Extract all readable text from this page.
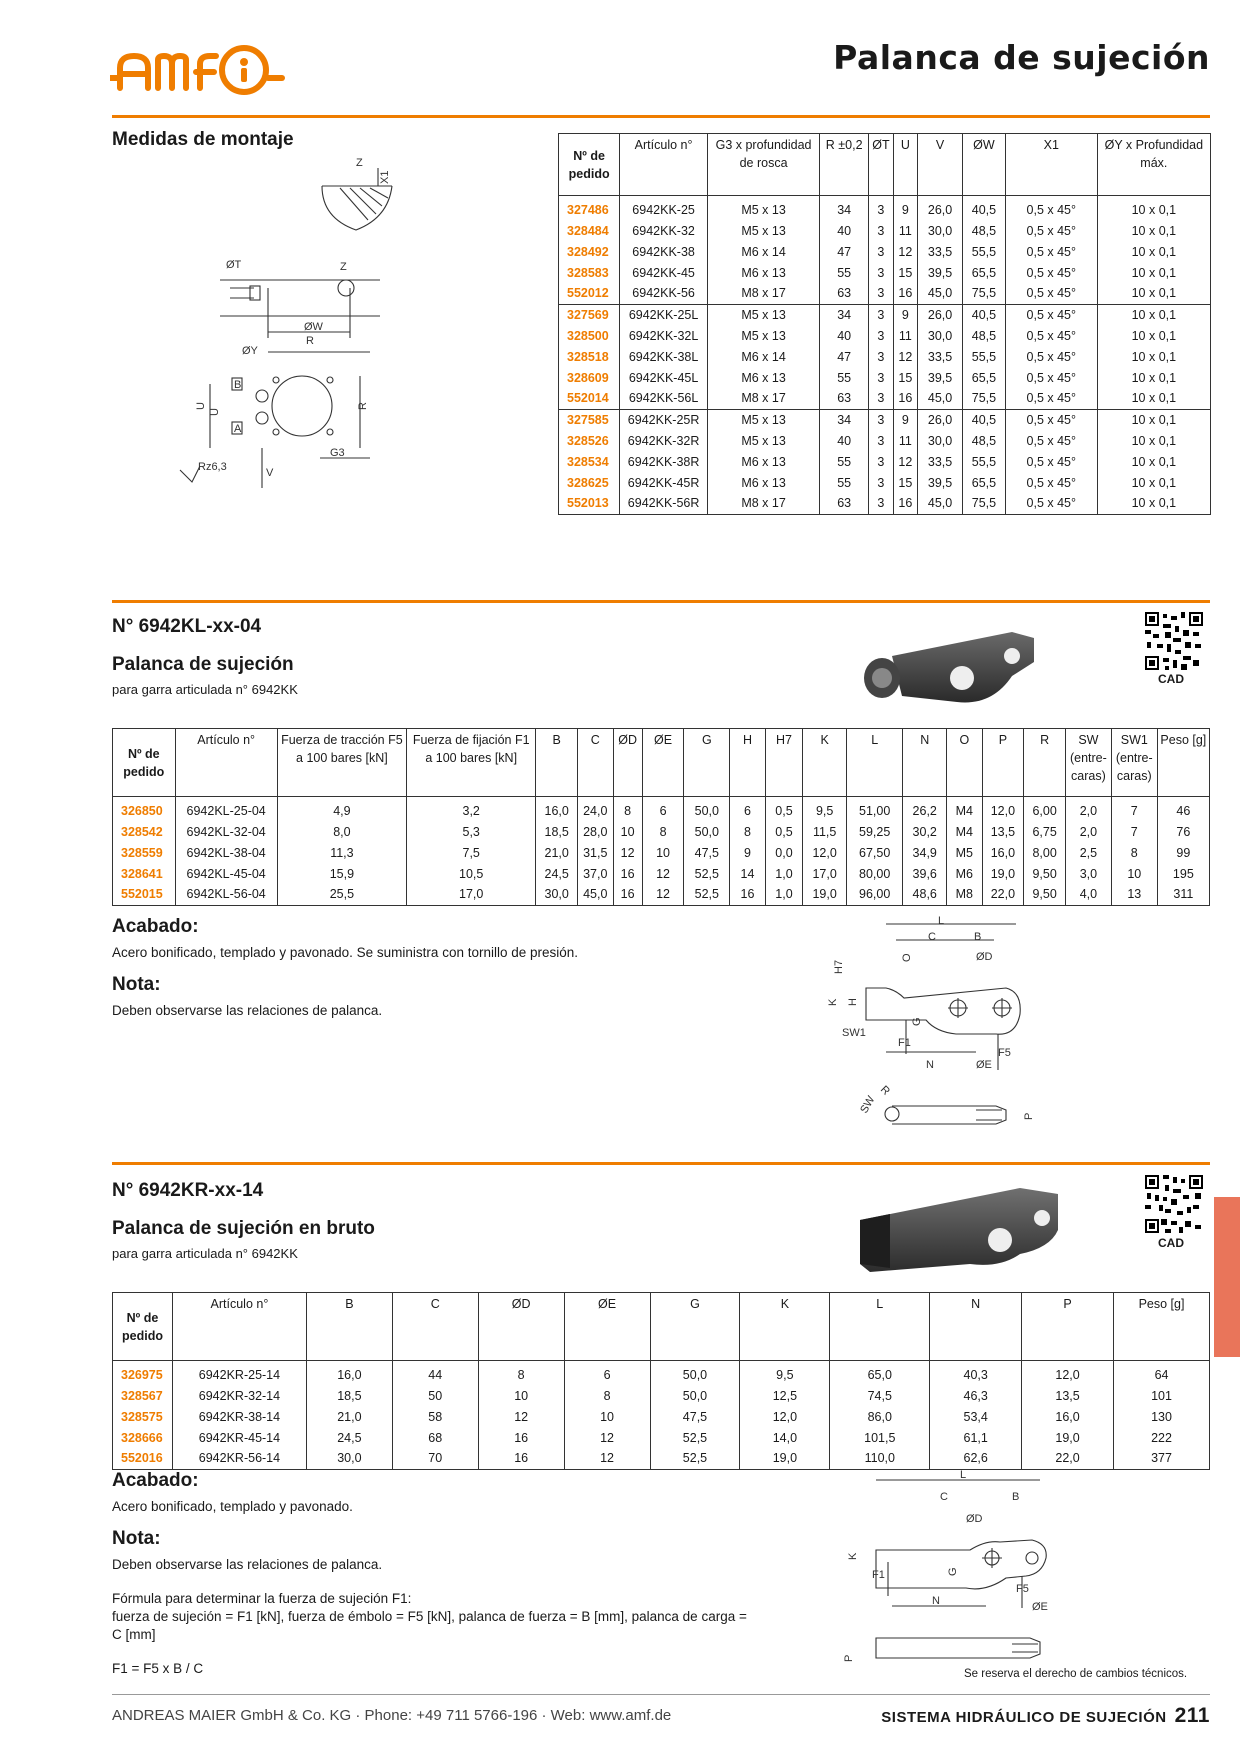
Palanca de sujeción
Medidas de montaje
Z
X1
ØT	Z
ØW
ØY
R
B
A
U
U
R
Rz6,3	V
G3
Nº de pedido	Artículo n°	G3 x profundidad de rosca	R ±0,2	ØT	U	V	ØW	X1	ØY x Profundidad máx.
327486	6942KK-25	M5 x 13	34	3	9	26,0	40,5	0,5 x 45°	10 x 0,1
328484	6942KK-32	M5 x 13	40	3	11	30,0	48,5	0,5 x 45°	10 x 0,1
328492	6942KK-38	M6 x 14	47	3	12	33,5	55,5	0,5 x 45°	10 x 0,1
328583	6942KK-45	M6 x 13	55	3	15	39,5	65,5	0,5 x 45°	10 x 0,1
552012	6942KK-56	M8 x 17	63	3	16	45,0	75,5	0,5 x 45°	10 x 0,1
327569	6942KK-25L	M5 x 13	34	3	9	26,0	40,5	0,5 x 45°	10 x 0,1
328500	6942KK-32L	M5 x 13	40	3	11	30,0	48,5	0,5 x 45°	10 x 0,1
328518	6942KK-38L	M6 x 14	47	3	12	33,5	55,5	0,5 x 45°	10 x 0,1
328609	6942KK-45L	M6 x 13	55	3	15	39,5	65,5	0,5 x 45°	10 x 0,1
552014	6942KK-56L	M8 x 17	63	3	16	45,0	75,5	0,5 x 45°	10 x 0,1
327585	6942KK-25R	M5 x 13	34	3	9	26,0	40,5	0,5 x 45°	10 x 0,1
328526	6942KK-32R	M5 x 13	40	3	11	30,0	48,5	0,5 x 45°	10 x 0,1
328534	6942KK-38R	M6 x 13	55	3	12	33,5	55,5	0,5 x 45°	10 x 0,1
328625	6942KK-45R	M6 x 13	55	3	15	39,5	65,5	0,5 x 45°	10 x 0,1
552013	6942KK-56R	M8 x 17	63	3	16	45,0	75,5	0,5 x 45°	10 x 0,1
N° 6942KL-xx-04
Palanca de sujeción
para garra articulada n° 6942KK
CAD
Nº de pedido	Artículo n°	Fuerza de tracción F5 a 100 bares [kN]	Fuerza de fijación F1 a 100 bares [kN]	B	C	ØD	ØE	G	H	H7	K	L	N	O	P	R	SW (entre- caras)	SW1 (entre- caras)	Peso [g]
326850	6942KL-25-04	4,9	3,2	16,0	24,0	8	6	50,0	6	0,5	9,5	51,00	26,2	M4	12,0	6,00	2,0	7	46
328542	6942KL-32-04	8,0	5,3	18,5	28,0	10	8	50,0	8	0,5	11,5	59,25	30,2	M4	13,5	6,75	2,0	7	76
328559	6942KL-38-04	11,3	7,5	21,0	31,5	12	10	47,5	9	0,0	12,0	67,50	34,9	M5	16,0	8,00	2,5	8	99
328641	6942KL-45-04	15,9	10,5	24,5	37,0	16	12	52,5	14	1,0	17,0	80,00	39,6	M6	19,0	9,50	3,0	10	195
552015	6942KL-56-04	25,5	17,0	30,0	45,0	16	12	52,5	16	1,0	19,0	96,00	48,6	M8	22,0	9,50	4,0	13	311
Acabado:
Acero bonificado, templado y pavonado. Se suministra con tornillo de presión.
Nota:
Deben observarse las relaciones de palanca.
L
C	B
O	ØD
H7
K H
G
SW1
F1
N	ØE
F5
R
SW
P
N° 6942KR-xx-14
Palanca de sujeción en bruto
para garra articulada n° 6942KK
CAD
Nº de pedido	Artículo n°	B	C	ØD	ØE	G	K	L	N	P	Peso [g]
326975	6942KR-25-14	16,0	44	8	6	50,0	9,5	65,0	40,3	12,0	64
328567	6942KR-32-14	18,5	50	10	8	50,0	12,5	74,5	46,3	13,5	101
328575	6942KR-38-14	21,0	58	12	10	47,5	12,0	86,0	53,4	16,0	130
328666	6942KR-45-14	24,5	68	16	12	52,5	14,0	101,5	61,1	19,0	222
552016	6942KR-56-14	30,0	70	16	12	52,5	19,0	110,0	62,6	22,0	377
Acabado:
Acero bonificado, templado y pavonado.
Nota:
Deben observarse las relaciones de palanca.
Fórmula para determinar la fuerza de sujeción F1:
fuerza de sujeción = F1 [kN], fuerza de émbolo = F5 [kN], palanca de fuerza = B [mm], palanca de carga = C [mm]
F1 = F5 x B / C
L
C	B
ØD
K
F1	G
N
F5
ØE
P
Se reserva el derecho de cambios técnicos.
ANDREAS MAIER GmbH & Co. KG · Phone: +49 711 5766-196 · Web: www.amf.de	SISTEMA HIDRÁULICO DE SUJECIÓN 211
